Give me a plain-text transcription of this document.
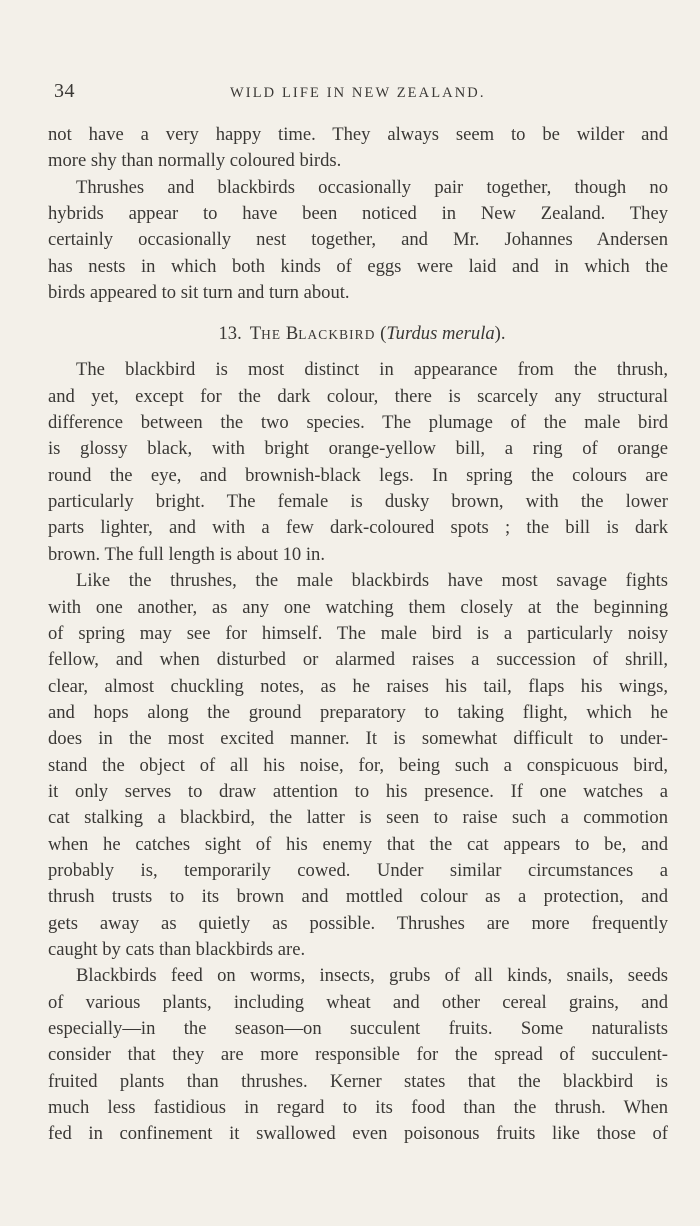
34	WILD LIFE IN NEW ZEALAND.
not have a very happy time. They always seem to be wilder and
more shy than normally coloured birds.
Thrushes and blackbirds occasionally pair together, though no
hybrids appear to have been noticed in New Zealand. They
certainly occasionally nest together, and Mr. Johannes Andersen
has nests in which both kinds of eggs were laid and in which the
birds appeared to sit turn and turn about.
13. THE BLACKBIRD (Turdus merula).
The blackbird is most distinct in appearance from the thrush,
and yet, except for the dark colour, there is scarcely any structural
difference between the two species. The plumage of the male bird
is glossy black, with bright orange-yellow bill, a ring of orange
round the eye, and brownish-black legs. In spring the colours are
particularly bright. The female is dusky brown, with the lower
parts lighter, and with a few dark-coloured spots ; the bill is dark
brown. The full length is about 10 in.
Like the thrushes, the male blackbirds have most savage fights
with one another, as any one watching them closely at the beginning
of spring may see for himself. The male bird is a particularly noisy
fellow, and when disturbed or alarmed raises a succession of shrill,
clear, almost chuckling notes, as he raises his tail, flaps his wings,
and hops along the ground preparatory to taking flight, which he
does in the most excited manner. It is somewhat difficult to under-
stand the object of all his noise, for, being such a conspicuous bird,
it only serves to draw attention to his presence. If one watches a
cat stalking a blackbird, the latter is seen to raise such a commotion
when he catches sight of his enemy that the cat appears to be, and
probably is, temporarily cowed. Under similar circumstances a
thrush trusts to its brown and mottled colour as a protection, and
gets away as quietly as possible. Thrushes are more frequently
caught by cats than blackbirds are.
Blackbirds feed on worms, insects, grubs of all kinds, snails, seeds
of various plants, including wheat and other cereal grains, and
especially—in the season—on succulent fruits. Some naturalists
consider that they are more responsible for the spread of succulent-
fruited plants than thrushes. Kerner states that the blackbird is
much less fastidious in regard to its food than the thrush. When
fed in confinement it swallowed even poisonous fruits like those of
